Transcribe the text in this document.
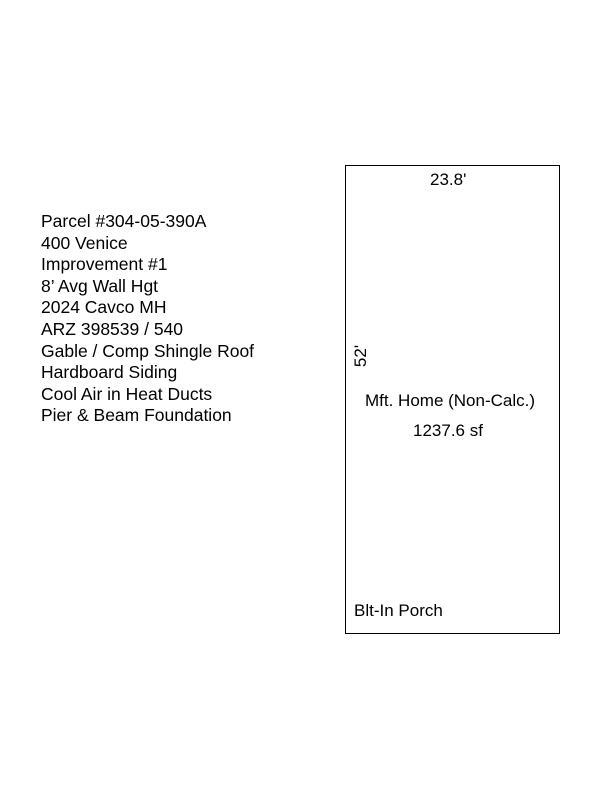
Parcel #304-05-390A
400 Venice
Improvement #1
8’ Avg Wall Hgt
2024 Cavco MH
ARZ 398539 / 540
Gable / Comp Shingle Roof
Hardboard Siding
Cool Air in Heat Ducts
Pier & Beam Foundation
23.8'
52'
Mft. Home (Non-Calc.)
1237.6 sf
Blt-In Porch
